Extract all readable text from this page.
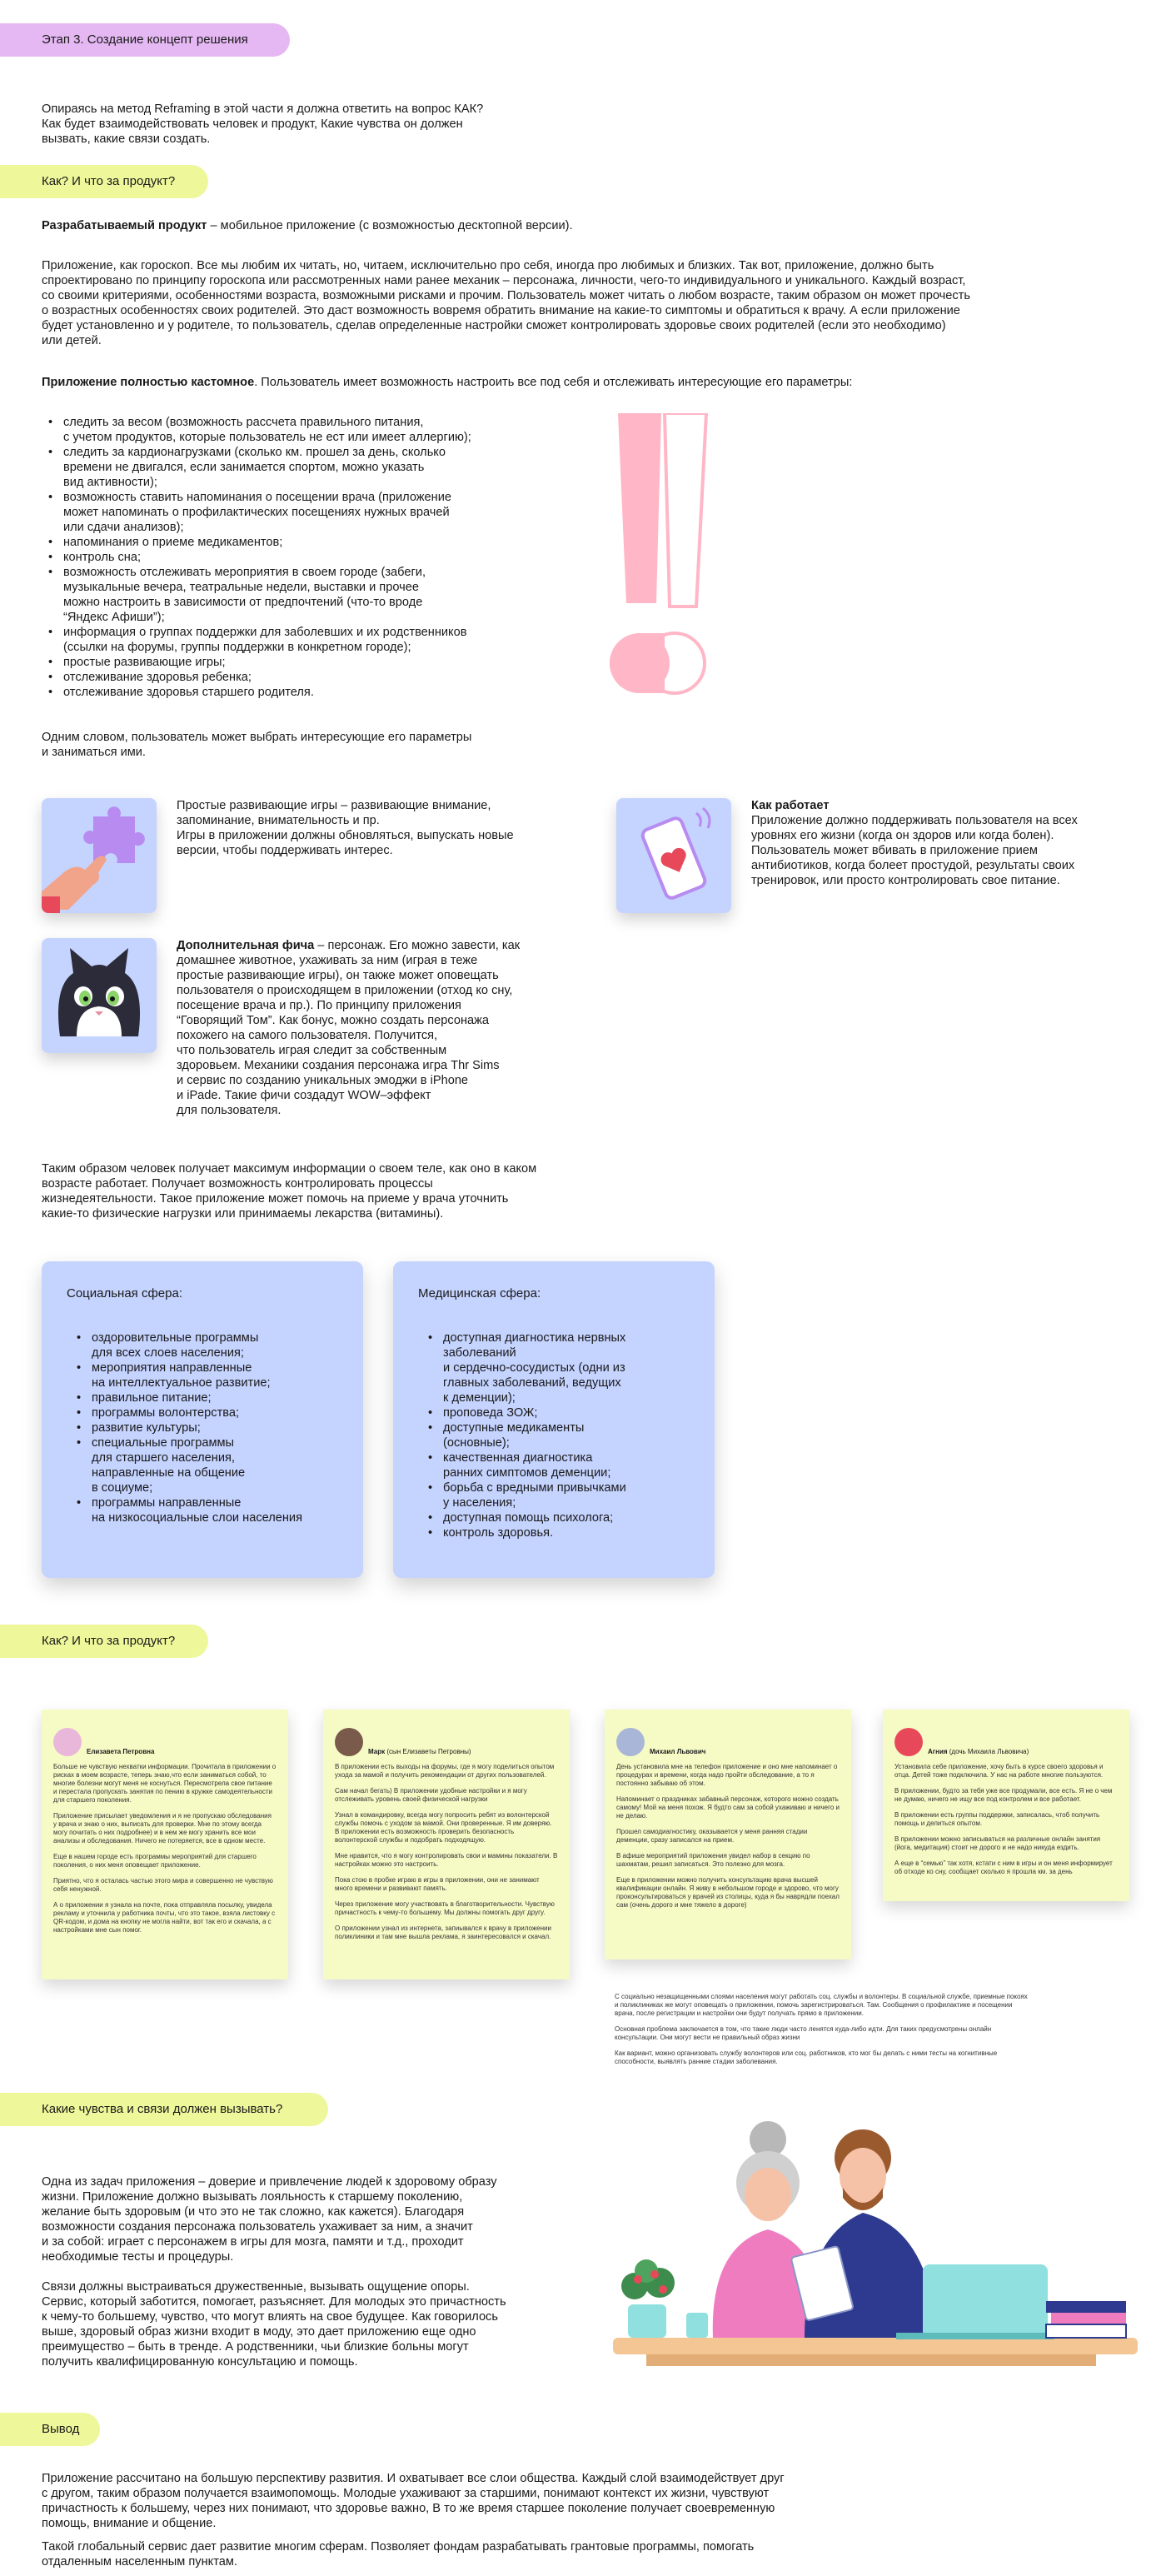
Этап 3. Создание концепт решения

Опираясь на метод Reframing в этой части я должна ответить на вопрос КАК?

Как будет взаимодействовать человек и продукт, Какие чувства он должен

вызвать, какие связи создать.

Как? И что за продукт?
Разрабатываемый продукт – мобильное приложение (с возможностью десктопной версии).

Приложение, как гороскоп. Все мы любим их читать, но, читаем, исключительно про себя, иногда про любимых и близких. Так вот, приложение, должно быть

спроектировано по принципу гороскопа или рассмотренных нами ранее механик – персонажа, личности, чего-то индивидуального и уникального. Каждый возраст,

со своими критериями, особенностями возраста, возможными рисками и прочим. Пользователь может читать о любом возрасте, таким образом он может прочесть

о возрастных особенностях своих родителей. Это даст возможность вовремя обратить внимание на какие-то симптомы и обратиться к врачу. А если приложение

будет установленно и у родителе, то пользователь, сделав определенные настройки сможет контролировать здоровье своих родителей (если это необходимо)

или детей.

Приложение полностью кастомное. Пользователь имеет возможность настроить все под себя и отслеживать интересующие его параметры:
• следить за весом (возможность рассчета правильного питания,
с учетом продуктов, которые пользователь не ест или имеет аллергию);
• следить за кардионагрузками (сколько км. прошел за день, сколько
времени не двигался, если занимается спортом, можно указать
вид активности);
• возможность ставить напоминания о посещении врача (приложение
может напоминать о профилактических посещениях нужных врачей
или сдачи анализов);
• напоминания о приеме медикаментов;
• контроль сна;
• возможность отслеживать мероприятия в своем городе (забеги,
музыкальные вечера, театральные недели, выставки и прочее
можно настроить в зависимости от предпочтений (что-то вроде
“Яндекс Афиши”);
• информация о группах поддержки для заболевших и их родственников
(ссылки на форумы, группы поддержки в конкретном городе);
• простые развивающие игры;
• отслеживание здоровья ребенка;
• отслеживание здоровья старшего родителя.

Одним словом, пользователь может выбрать интересующие его параметры

и заниматься ими.

Простые развивающие игры – развивающие внимание,

запоминание, внимательность и пр.

Игры в приложении должны обновляться, выпускать новые

версии, чтобы поддерживать интерес.

Как работает

Приложение должно поддерживать пользователя на всех

уровнях его жизни (когда он здоров или когда болен).

Пользователь может вбивать в приложение прием

антибиотиков, когда болеет простудой, результаты своих

тренировок, или просто контролировать свое питание.

Дополнительная фича – персонаж. Его можно завести, как

домашнее животное, ухаживать за ним (играя в теже

простые развивающие игры), он также может оповещать

пользователя о происходящем в приложении (отход ко сну,

посещение врача и пр.). По принципу приложения

“Говорящий Том”. Как бонус, можно создать персонажа

похожего на самого пользователя. Получится,

что пользователь играя следит за собственным

здоровьем. Механики создания персонажа игра Thr Sims

и сервис по созданию уникальных эмоджи в iPhone

и iPade. Такие фичи создадут WOW–эффект

для пользователя.

Таким образом человек получает максимум информации о своем теле, как оно в каком

возрасте работает. Получает возможность контролировать процессы

жизнедеятельности. Такое приложение может помочь на приеме у врача уточнить

какие-то физические нагрузки или принимаемы лекарства (витамины).

Социальная сфера:
• оздоровительные программы
для всех слоев населения;
• мероприятия направленные
на интеллектуальное развитие;
• правильное питание;
• программы волонтерства;
• развитие культуры;
• специальные программы
для старшего населения,
направленные на общение
в социуме;
• программы направленные
на низкосоциальные слои населения
Медицинская сфера:
• доступная диагностика нервных
заболеваний
и сердечно-сосудистых (одни из
главных заболеваний, ведущих
к деменции);
• проповеда ЗОЖ;
• доступные медикаменты
(основные);
• качественная диагностика
ранних симптомов деменции;
• борьба с вредными привычками
у населения;
• доступная помощь психолога;
• контроль здоровья.
Как? И что за продукт?
Елизавета Петровна

Больше не чувствую нехватки информации. Прочитала в приложении о рисках в моем возрасте, теперь знаю,что если заниматься собой, то многие болезни могут меня не коснуться. Пересмотрела свое питание и перестала пропускать занятия по пению в кружке самодеятельности для старшего поколения.

Приложение присылает уведомления и я не пропускаю обследования у врача и знаю о них, выписать для проверки. Мне по этому всегда могу почитать о них подробнее) и в нем же могу хранить все мои анализы и обследования. Ничего не потеряется, все в одном месте.

Еще в нашем городе есть программы мероприятий для старшего поколения, о них меня оповещает приложение.

Приятно, что я осталась частью этого мира и совершенно не чувствую себя ненужной.

А о приложении я узнала на почте, пока отправляла посылку, увидела рекламу и уточнила у работника почты, что это такое, взяла листовку с QR-кодом, и дома на кнопку не могла найти, вот так его и скачала, а с настройками мне сын помог.

Марк (сын Елизаветы Петровны)

В приложении есть выходы на форумы, где я могу поделиться опытом ухода за мамой и получить рекомендации от других пользователей.

Сам начал бегать) В приложении удобные настройки и я могу отслеживать уровень своей физической нагрузки

Узнал в командировку, всегда могу попросить ребят из волонтерской службы помочь с уходом за мамой. Они проверенные. Я им доверяю. В приложении есть возможность проверить безопасность волонтерской службы и подобрать подходящую.

Мне нравится, что я могу контролировать свои и мамины показатели. В настройках можно это настроить.

Пока стою в пробке играю в игры в приложении, они не занимают много времени и развивают память.

Через приложение могу участвовать в благотворительности. Чувствую причастность к чему-то большему. Мы должны помогать друг другу.

О приложении узнал из интернета, запиывался к врачу в приложении поликлиники и там мне вышла реклама, я заинтересовался и скачал.

Михаил Львович

День установила мне на телефон приложение и оно мне напоминает о процедурах и времени, когда надо пройти обследование, а то я постоянно забываю об этом.

Напоминает о праздниках забавный персонаж, которого можно создать самому! Мой на меня похож. Я будто сам за собой ухаживаю и ничего и не делаю.

Прошел самодиагностику, оказывается у меня ранняя стадии деменции, сразу записался на прием.

В афише мероприятий приложения увидел набор в секцию по шахматам, решил записаться. Это полезно для мозга.

Еще в приложении можно получить консультацию врача высшей квалификации онлайн. Я живу в небольшом городе и здорово, что могу проконсультироваться у врачей из столицы, куда я бы наврядли поехал сам (очень дорого и мне тяжело в дороге)

Агния (дочь Михаила Львовича)

Установила себе приложение, хочу быть в курсе своего здоровья и отца. Детей тоже подключила. У нас на работе многие пользуются.

В приложении, будто за тебя уже все продумали, все есть. Я не о чем не думаю, ничего не ищу все под контролем и все работает.

В приложении есть группы поддержки, записалась, чтоб получить помощь и делиться опытом.

В приложении можно записываться на различные онлайн занятия (йога, медитация) стоит не дорого и не надо никуда ездить.

А еще в “семью” так хотя, кстати с ним в игры и он меня информирует об отходе ко сну, сообщает сколько я прошла км. за день

С социально незащищенными слоями населения могут работать соц. службы и волонтеры. В социальной службе, приемные покоях и поликлиниках же могут оповещать о приложении, помочь зарегистрироваться. Там. Сообщения о профилактике и посещении врача, после регистрации и настройки они будут получать прямо в приложении.

Основная проблема заключается в том, что такие люди часто ленятся куда-либо идти. Для таких предусмотрены онлайн консультации. Они могут вести не правильный образ жизни

Как вариант, можно организовать службу волонтеров или соц. работников, кто мог бы делать с ними тесты на когнитивные способности, выявлять ранние стадии заболевания.

Какие чувства и связи должен вызывать?

Одна из задач приложения – доверие и привлечение людей к здоровому образу

жизни. Приложение должно вызывать лояльность к старшему поколению,

желание быть здоровым (и что это не так сложно, как кажется). Благодаря

возможности создания персонажа пользователь ухаживает за ним, а значит

и за собой: играет с персонажем в игры для мозга, памяти и т.д., проходит

необходимые тесты и процедуры.

Связи должны выстраиваться дружественные, вызывать ощущение опоры.

Сервис, который заботится, помогает, разъясняет. Для молодых это причастность

к чему-то большему, чувство, что могут влиять на свое будущее. Как говорилось

выше, здоровый образ жизни входит в моду, это дает приложению еще одно

преимущество – быть в тренде. А родственники, чьи близкие больны могут

получить квалифицированную консультацию и помощь.

Вывод

Приложение рассчитано на большую перспективу развития. И охватывает все слои общества. Каждый слой взаимодействует друг

с другом, таким образом получается взаимопомощь. Молодые ухаживают за старшими, понимают контекст их жизни, чувствуют

причастность к большему, через них понимают, что здоровье важно, В то же время старшее поколение получает своевременную

помощь, внимание и общение.

Такой глобальный сервис дает развитие многим сферам. Позволяет фондам разрабатывать грантовые программы, помогать

отдаленным населенным пунктам.
